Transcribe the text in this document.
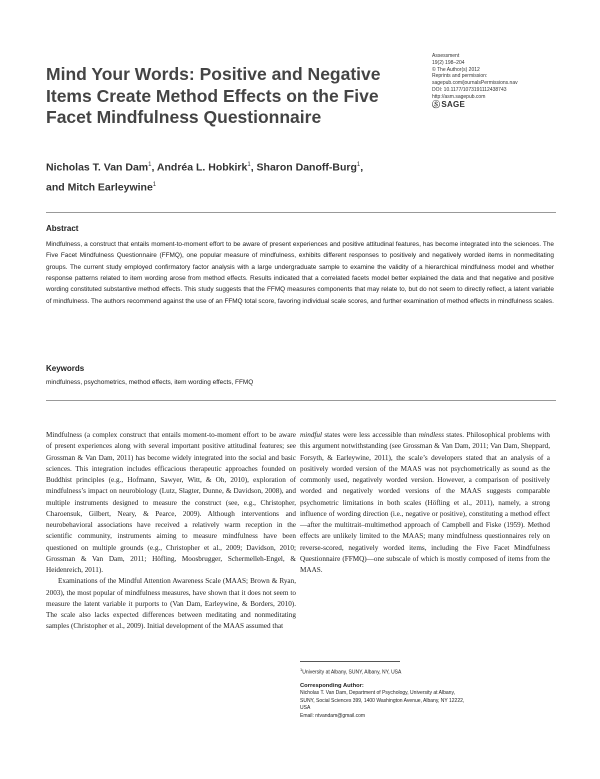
Mind Your Words: Positive and Negative
Items Create Method Effects on the Five
Facet Mindfulness Questionnaire
Assessment
19(2) 198–204
© The Author(s) 2012
Reprints and permission:
sagepub.com/journalsPermissions.nav
DOI: 10.1177/1073191112438743
http://asm.sagepub.com
Ⓢ SAGE
Nicholas T. Van Dam$^1$, Andréa L. Hobkirk$^1$, Sharon Danoff-Burg$^1$,
and Mitch Earleywine$^1$
Abstract
Mindfulness, a construct that entails moment-to-moment effort to be aware of present experiences and positive attitudinal features, has become integrated into the sciences. The Five Facet Mindfulness Questionnaire (FFMQ), one popular measure of mindfulness, exhibits different responses to positively and negatively worded items in nonmeditating groups. The current study employed confirmatory factor analysis with a large undergraduate sample to examine the validity of a hierarchical mindfulness model and whether response patterns related to item wording arose from method effects. Results indicated that a correlated facets model better explained the data and that negative and positive wording constituted substantive method effects. This study suggests that the FFMQ measures components that may relate to, but do not seem to directly reflect, a latent variable of mindfulness. The authors recommend against the use of an FFMQ total score, favoring individual scale scores, and further examination of method effects in mindfulness scales.
Keywords
mindfulness, psychometrics, method effects, item wording effects, FFMQ

Mindfulness (a complex construct that entails moment-to-moment effort to be aware of present experiences along with several important positive attitudinal features; see Grossman & Van Dam, 2011) has become widely integrated into the social and basic sciences. This integration includes efficacious therapeutic approaches founded on Buddhist principles (e.g., Hofmann, Sawyer, Witt, & Oh, 2010), exploration of mindfulness’s impact on neurobiology (Lutz, Slagter, Dunne, & Davidson, 2008), and multiple instruments designed to measure the construct (see, e.g., Christopher, Charoensuk, Gilbert, Neary, & Pearce, 2009). Although interventions and neurobehavioral associations have received a relatively warm reception in the scientific community, instruments aiming to measure mindfulness have been questioned on multiple grounds (e.g., Christopher et al., 2009; Davidson, 2010; Grossman & Van Dam, 2011; Höfling, Moosbrugger, Schermelleh-Engel, & Heidenreich, 2011).

Examinations of the Mindful Attention Awareness Scale (MAAS; Brown & Ryan, 2003), the most popular of mindfulness measures, have shown that it does not seem to measure the latent variable it purports to (Van Dam, Earleywine, & Borders, 2010). The scale also lacks expected differences between meditating and nonmeditating samples (Christopher et al., 2009). Initial development of the MAAS assumed that

mindful states were less accessible than mindless states. Philosophical problems with this argument notwithstanding (see Grossman & Van Dam, 2011; Van Dam, Sheppard, Forsyth, & Earleywine, 2011), the scale’s developers stated that an analysis of a positively worded version of the MAAS was not psychometrically as sound as the commonly used, negatively worded version. However, a comparison of positively worded and negatively worded versions of the MAAS suggests comparable psychometric limitations in both scales (Höfling et al., 2011), namely, a strong influence of wording direction (i.e., negative or positive), constituting a method effect—after the multitrait–multimethod approach of Campbell and Fiske (1959). Method effects are unlikely limited to the MAAS; many mindfulness questionnaires rely on reverse-scored, negatively worded items, including the Five Facet Mindfulness Questionnaire (FFMQ)—one subscale of which is mostly composed of items from the MAAS.

$^1$University at Albany, SUNY, Albany, NY, USA
Corresponding Author:
Nicholas T. Van Dam, Department of Psychology, University at Albany,
SUNY, Social Sciences 399, 1400 Washington Avenue, Albany, NY 12222,
USA
Email: ntvandam@gmail.com
